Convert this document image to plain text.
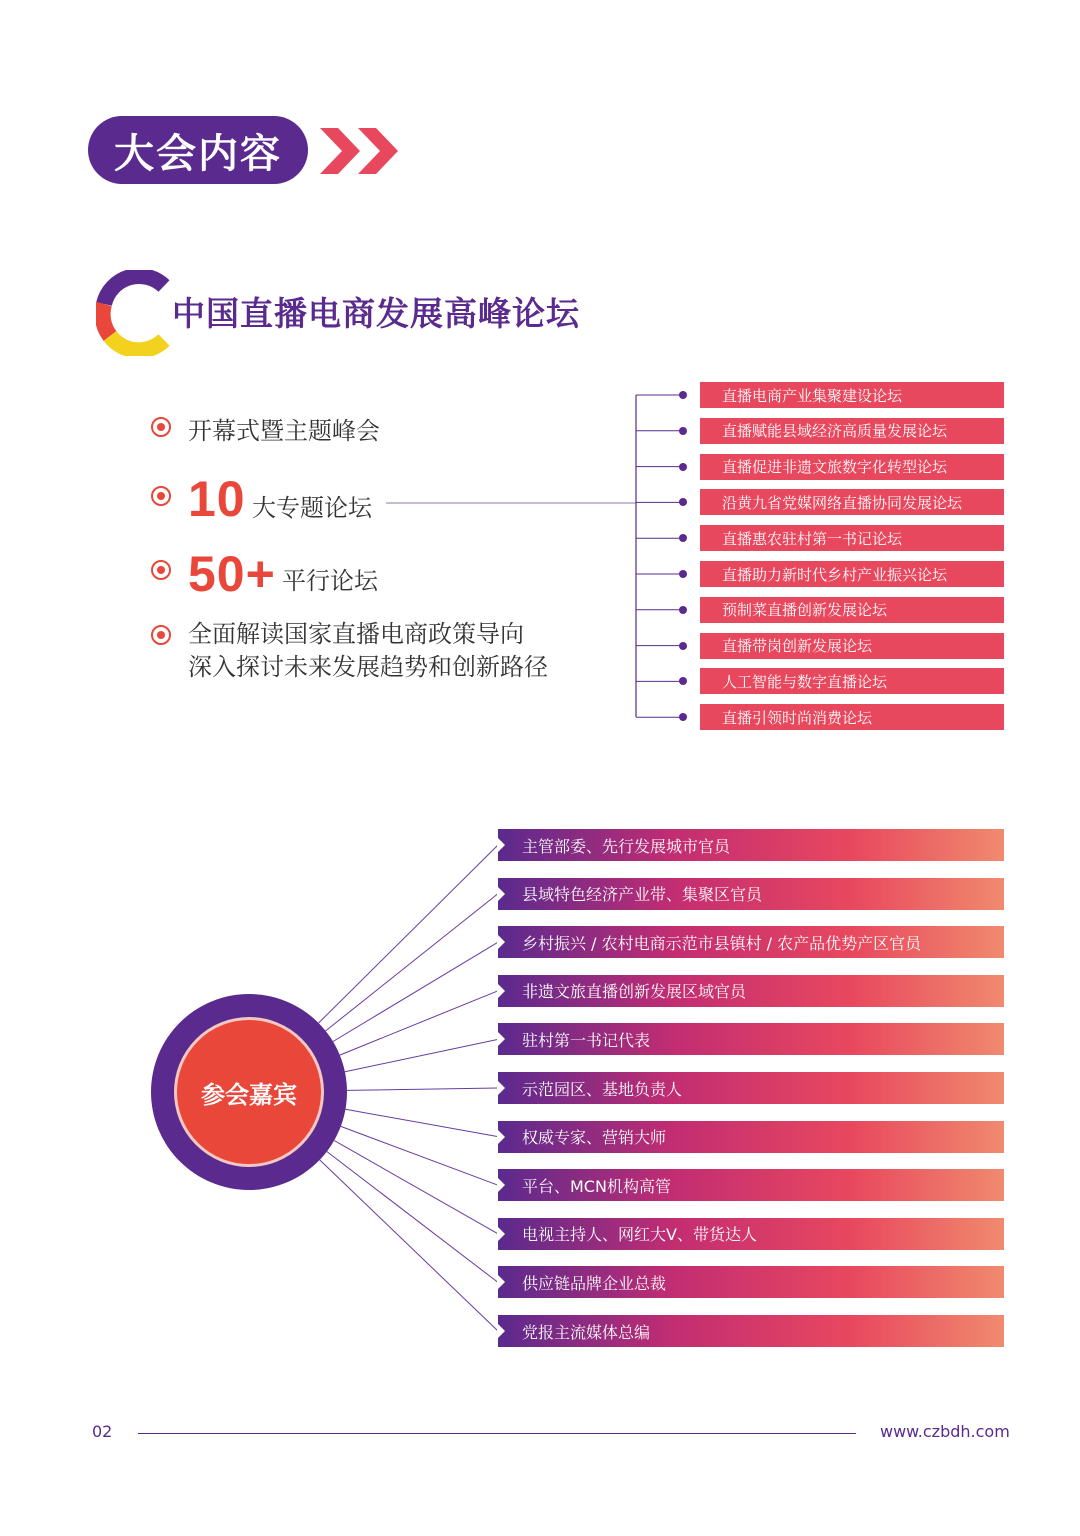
大会内容
中国直播电商发展高峰论坛
开幕式暨主题峰会
10 大专题论坛
50+ 平行论坛
全面解读国家直播电商政策导向
深入探讨未来发展趋势和创新路径
直播电商产业集聚建设论坛
直播赋能县域经济高质量发展论坛
直播促进非遗文旅数字化转型论坛
沿黄九省党媒网络直播协同发展论坛
直播惠农驻村第一书记论坛
直播助力新时代乡村产业振兴论坛
预制菜直播创新发展论坛
直播带岗创新发展论坛
人工智能与数字直播论坛
直播引领时尚消费论坛
参会嘉宾
主管部委、先行发展城市官员
县域特色经济产业带、集聚区官员
乡村振兴 / 农村电商示范市县镇村 / 农产品优势产区官员
非遗文旅直播创新发展区域官员
驻村第一书记代表
示范园区、基地负责人
权威专家、营销大师
平台、MCN机构高管
电视主持人、网红大V、带货达人
供应链品牌企业总裁
党报主流媒体总编
02	www.czbdh.com
